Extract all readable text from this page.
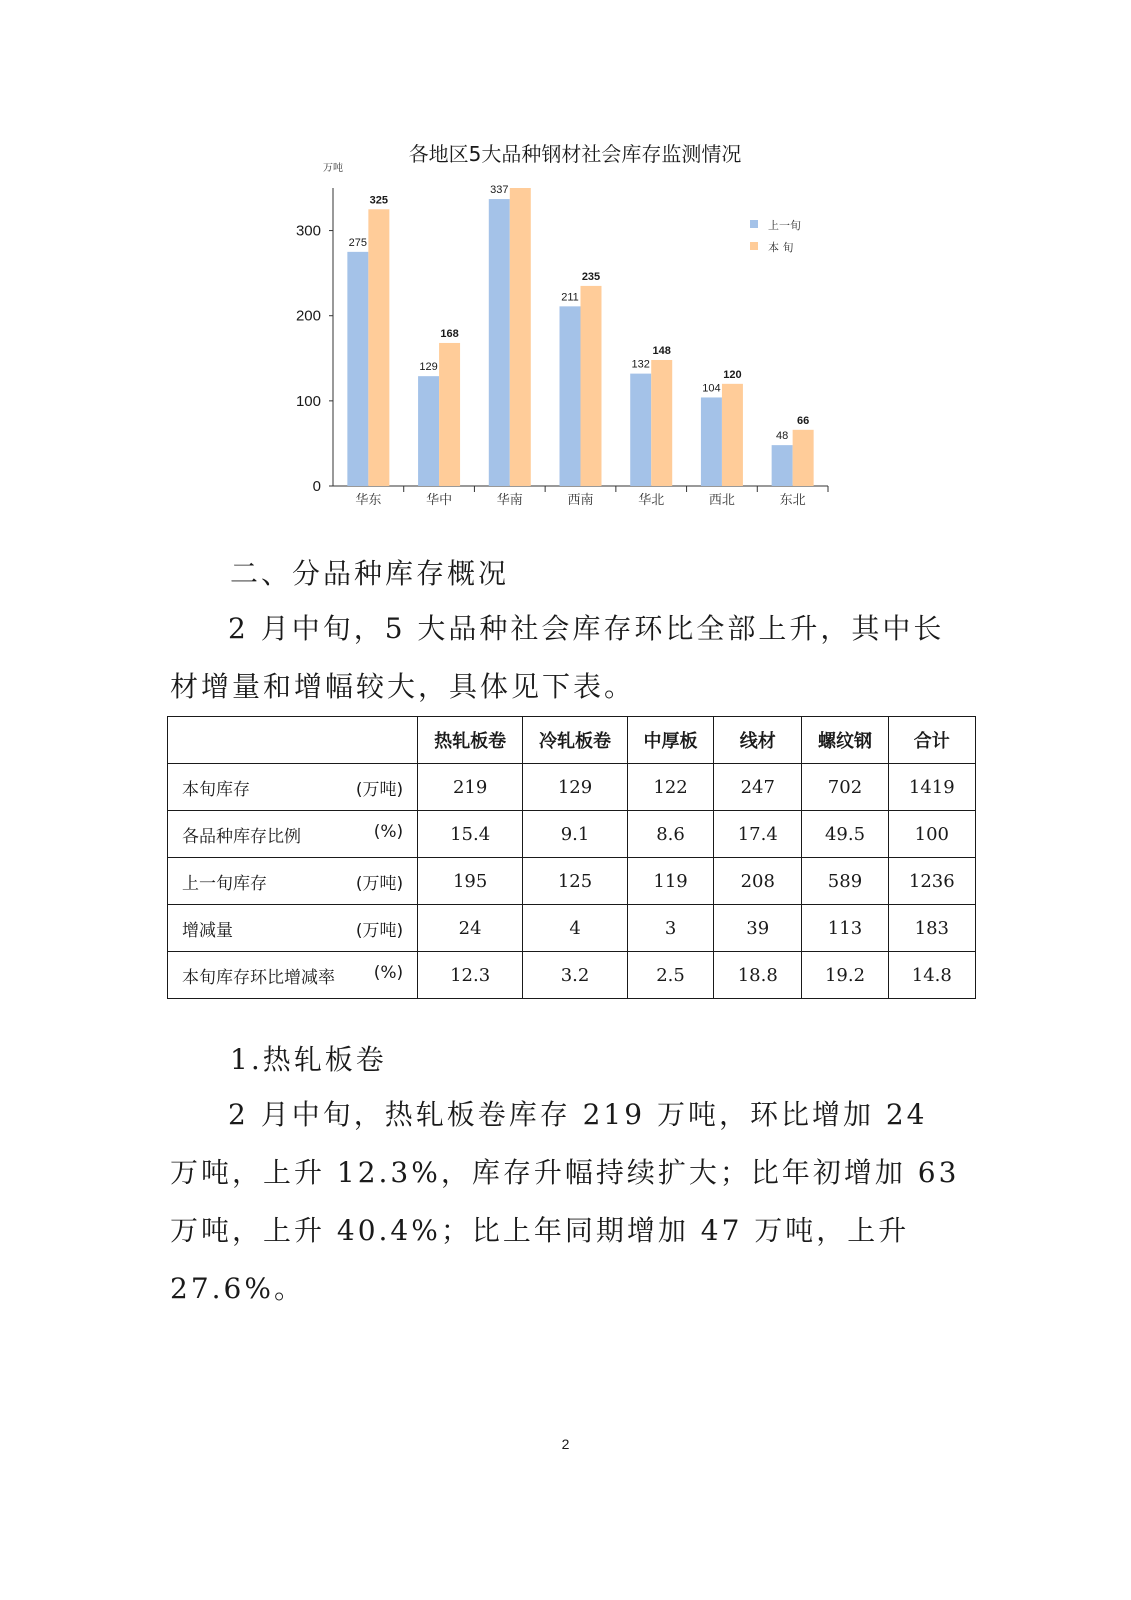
各地区5大品种钢材社会库存监测情况
万吨
0
100
200
300
华东	华中	华南	西南	华北	西北	东北
275
325
129
168
337
211
235
132
148
104
120
48
66
上一旬
本 旬
二、分品种库存概况

2 月中旬，5 大品种社会库存环比全部上升，其中长材增量和增幅较大，具体见下表。

	热轧板卷	冷轧板卷	中厚板	线材	螺纹钢	合计

本旬库存 (万吨)	219	129	122	247	702	1419

各品种库存比例 (%)	15.4	9.1	8.6	17.4	49.5	100

上一旬库存 (万吨)	195	125	119	208	589	1236

增减量 (万吨)	24	4	3	39	113	183

本旬库存环比增减率 (%)	12.3	3.2	2.5	18.8	19.2	14.8
1.热轧板卷

2 月中旬，热轧板卷库存 219 万吨，环比增加 24 万吨，上升 12.3%，库存升幅持续扩大；比年初增加 63 万吨，上升 40.4%；比上年同期增加 47 万吨，上升 27.6%。

2
